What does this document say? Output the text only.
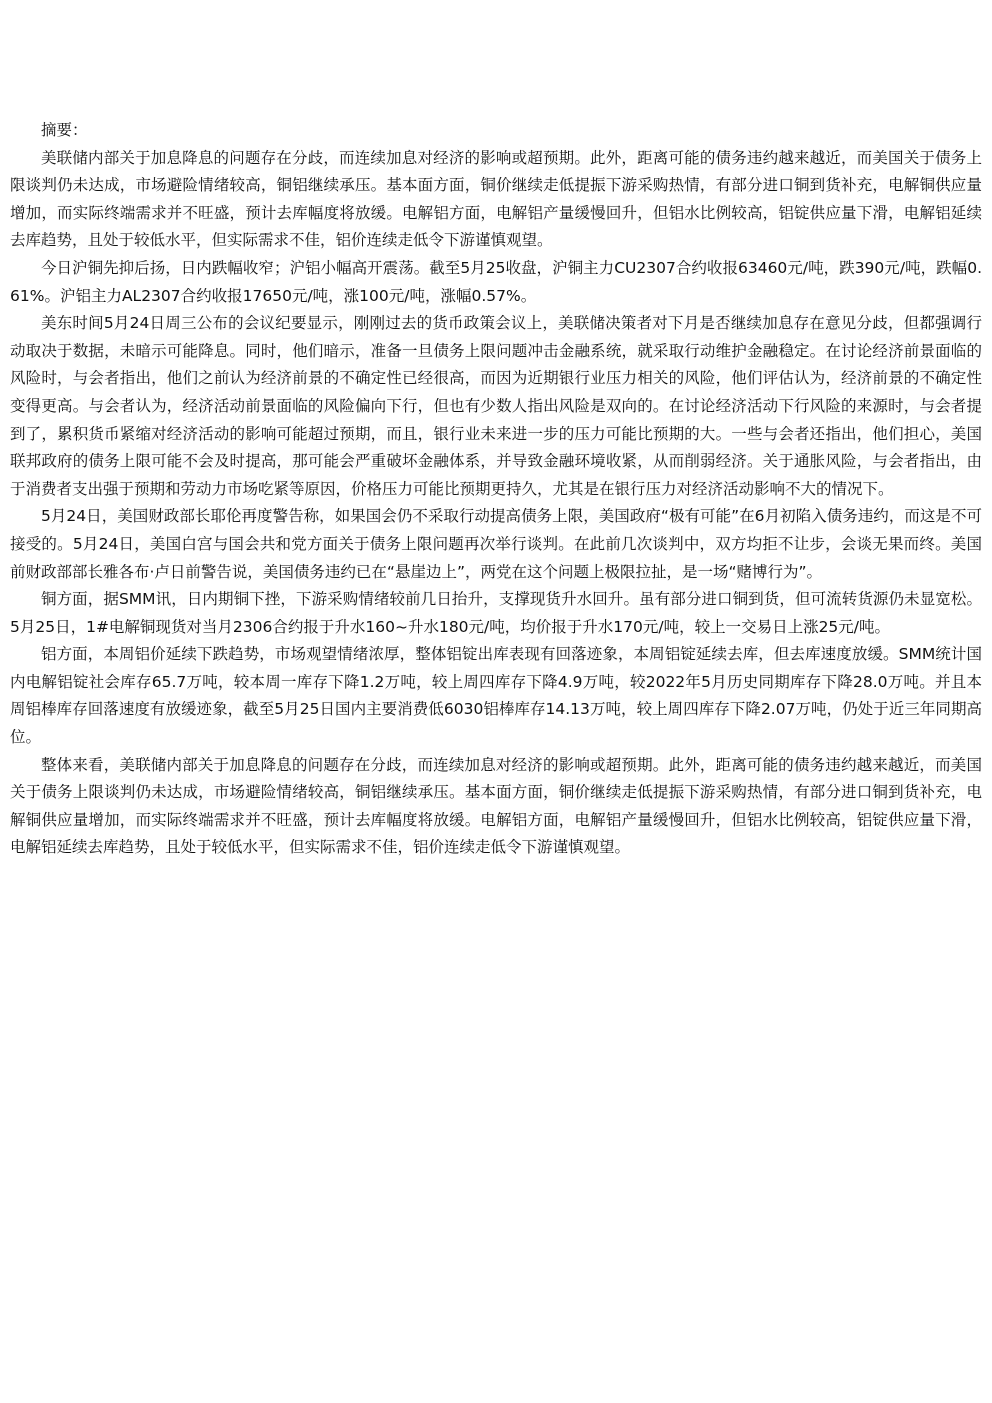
摘要：

美联储内部关于加息降息的问题存在分歧，而连续加息对经济的影响或超预期。此外，距离可能的债务违约越来越近，而美国关于债务上限谈判仍未达成，市场避险情绪较高，铜铝继续承压。基本面方面，铜价继续走低提振下游采购热情，有部分进口铜到货补充，电解铜供应量增加，而实际终端需求并不旺盛，预计去库幅度将放缓。电解铝方面，电解铝产量缓慢回升，但铝水比例较高，铝锭供应量下滑，电解铝延续去库趋势，且处于较低水平，但实际需求不佳，铝价连续走低令下游谨慎观望。

今日沪铜先抑后扬，日内跌幅收窄；沪铝小幅高开震荡。截至5月25收盘，沪铜主力CU2307合约收报63460元/吨，跌390元/吨，跌幅0.61%。沪铝主力AL2307合约收报17650元/吨，涨100元/吨，涨幅0.57%。

美东时间5月24日周三公布的会议纪要显示，刚刚过去的货币政策会议上，美联储决策者对下月是否继续加息存在意见分歧，但都强调行动取决于数据，未暗示可能降息。同时，他们暗示，准备一旦债务上限问题冲击金融系统，就采取行动维护金融稳定。在讨论经济前景面临的风险时，与会者指出，他们之前认为经济前景的不确定性已经很高，而因为近期银行业压力相关的风险，他们评估认为，经济前景的不确定性变得更高。与会者认为，经济活动前景面临的风险偏向下行，但也有少数人指出风险是双向的。在讨论经济活动下行风险的来源时，与会者提到了，累积货币紧缩对经济活动的影响可能超过预期，而且，银行业未来进一步的压力可能比预期的大。一些与会者还指出，他们担心，美国联邦政府的债务上限可能不会及时提高，那可能会严重破坏金融体系，并导致金融环境收紧，从而削弱经济。关于通胀风险，与会者指出，由于消费者支出强于预期和劳动力市场吃紧等原因，价格压力可能比预期更持久，尤其是在银行压力对经济活动影响不大的情况下。

5月24日，美国财政部长耶伦再度警告称，如果国会仍不采取行动提高债务上限，美国政府“极有可能”在6月初陷入债务违约，而这是不可接受的。5月24日，美国白宫与国会共和党方面关于债务上限问题再次举行谈判。在此前几次谈判中，双方均拒不让步，会谈无果而终。美国前财政部部长雅各布·卢日前警告说，美国债务违约已在“悬崖边上”，两党在这个问题上极限拉扯，是一场“赌博行为”。

铜方面，据SMM讯，日内期铜下挫，下游采购情绪较前几日抬升，支撑现货升水回升。虽有部分进口铜到货，但可流转货源仍未显宽松。5月25日，1#电解铜现货对当月2306合约报于升水160~升水180元/吨，均价报于升水170元/吨，较上一交易日上涨25元/吨。

铝方面，本周铝价延续下跌趋势，市场观望情绪浓厚，整体铝锭出库表现有回落迹象，本周铝锭延续去库，但去库速度放缓。SMM统计国内电解铝锭社会库存65.7万吨，较本周一库存下降1.2万吨，较上周四库存下降4.9万吨，较2022年5月历史同期库存下降28.0万吨。并且本周铝棒库存回落速度有放缓迹象，截至5月25日国内主要消费低6030铝棒库存14.13万吨，较上周四库存下降2.07万吨，仍处于近三年同期高位。

整体来看，美联储内部关于加息降息的问题存在分歧，而连续加息对经济的影响或超预期。此外，距离可能的债务违约越来越近，而美国关于债务上限谈判仍未达成，市场避险情绪较高，铜铝继续承压。基本面方面，铜价继续走低提振下游采购热情，有部分进口铜到货补充，电解铜供应量增加，而实际终端需求并不旺盛，预计去库幅度将放缓。电解铝方面，电解铝产量缓慢回升，但铝水比例较高，铝锭供应量下滑，电解铝延续去库趋势，且处于较低水平，但实际需求不佳，铝价连续走低令下游谨慎观望。
